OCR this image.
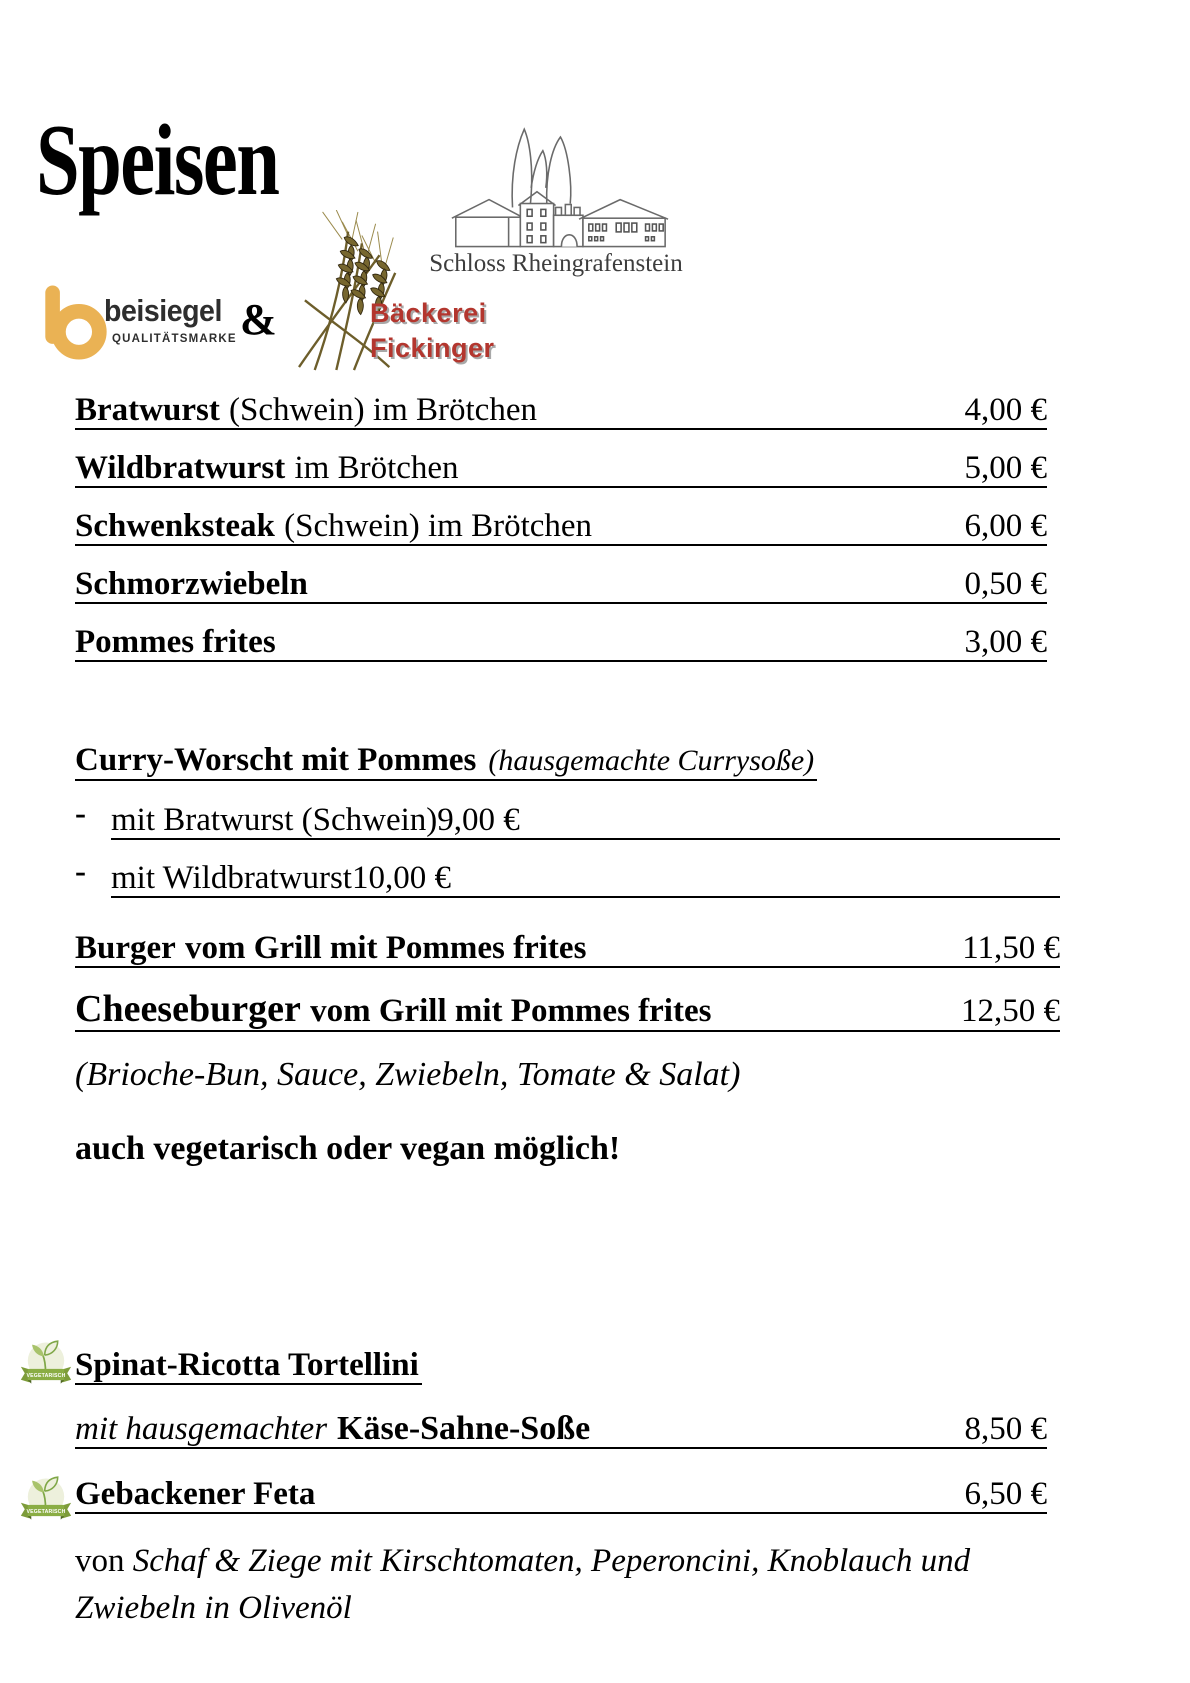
Speisen
Schloss Rheingrafenstein
beisiegel
QUALITÄTSMARKE &	Bäckerei
Fickinger
Bratwurst (Schwein) im Brötchen	4,00 €
Wildbratwurst im Brötchen	5,00 €
Schwenksteak (Schwein) im Brötchen	6,00 €
Schmorzwiebeln	0,50 €
Pommes frites	3,00 €
Curry-Worscht mit Pommes (hausgemachte Currysoße)
- mit Bratwurst (Schwein) 9,00 €
- mit Wildbratwurst 10,00 €
Burger vom Grill mit Pommes frites	11,50 €
Cheeseburger vom Grill mit Pommes frites	12,50 €
(Brioche-Bun, Sauce, Zwiebeln, Tomate & Salat)
auch vegetarisch oder vegan möglich!
Spinat-Ricotta Tortellini
mit hausgemachter Käse-Sahne-Soße	8,50 €
Gebackener Feta	6,50 €
von Schaf & Ziege mit Kirschtomaten, Peperoncini, Knoblauch und Zwiebeln in Olivenöl
